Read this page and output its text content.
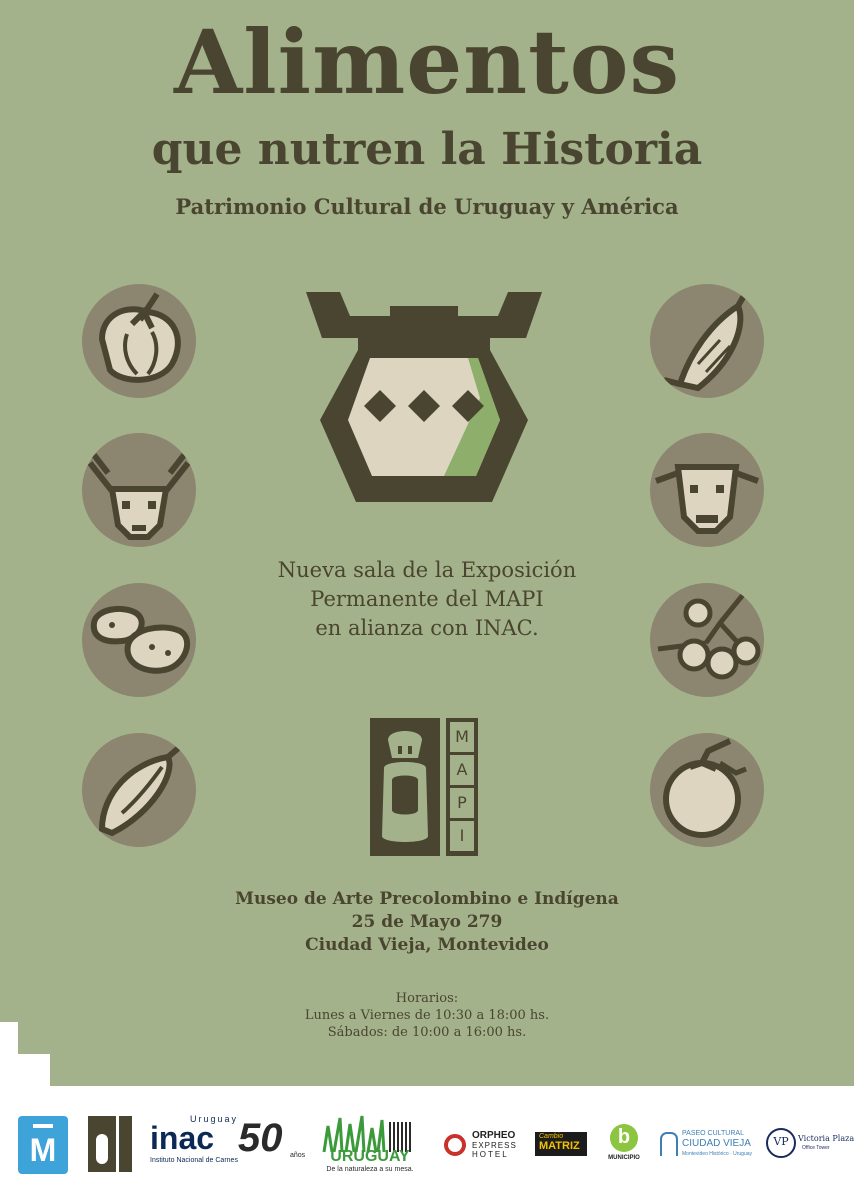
Alimentos
que nutren la Historia
Patrimonio Cultural de Uruguay y América
Nueva sala de la Exposición
Permanente del MAPI
en alianza con INAC.
M
A
P
I
Museo de Arte Precolombino e Indígena
25 de Mayo 279
Ciudad Vieja, Montevideo
Horarios:
Lunes a Viernes de 10:30 a 18:00 hs.
Sábados: de 10:00 a 16:00 hs.
M
Uruguay
inac
Instituto Nacional de Carnes
50 años	URUGUAY
De la naturaleza a su mesa.
ORPHEO
EXPRESS
HOTEL
Cambio
MATRIZ	b
MUNICIPIO
PASEO CULTURAL
CIUDAD VIEJA
Montevideo Histórico · Uruguay
VP	Victoria Plaza
Office Tower
